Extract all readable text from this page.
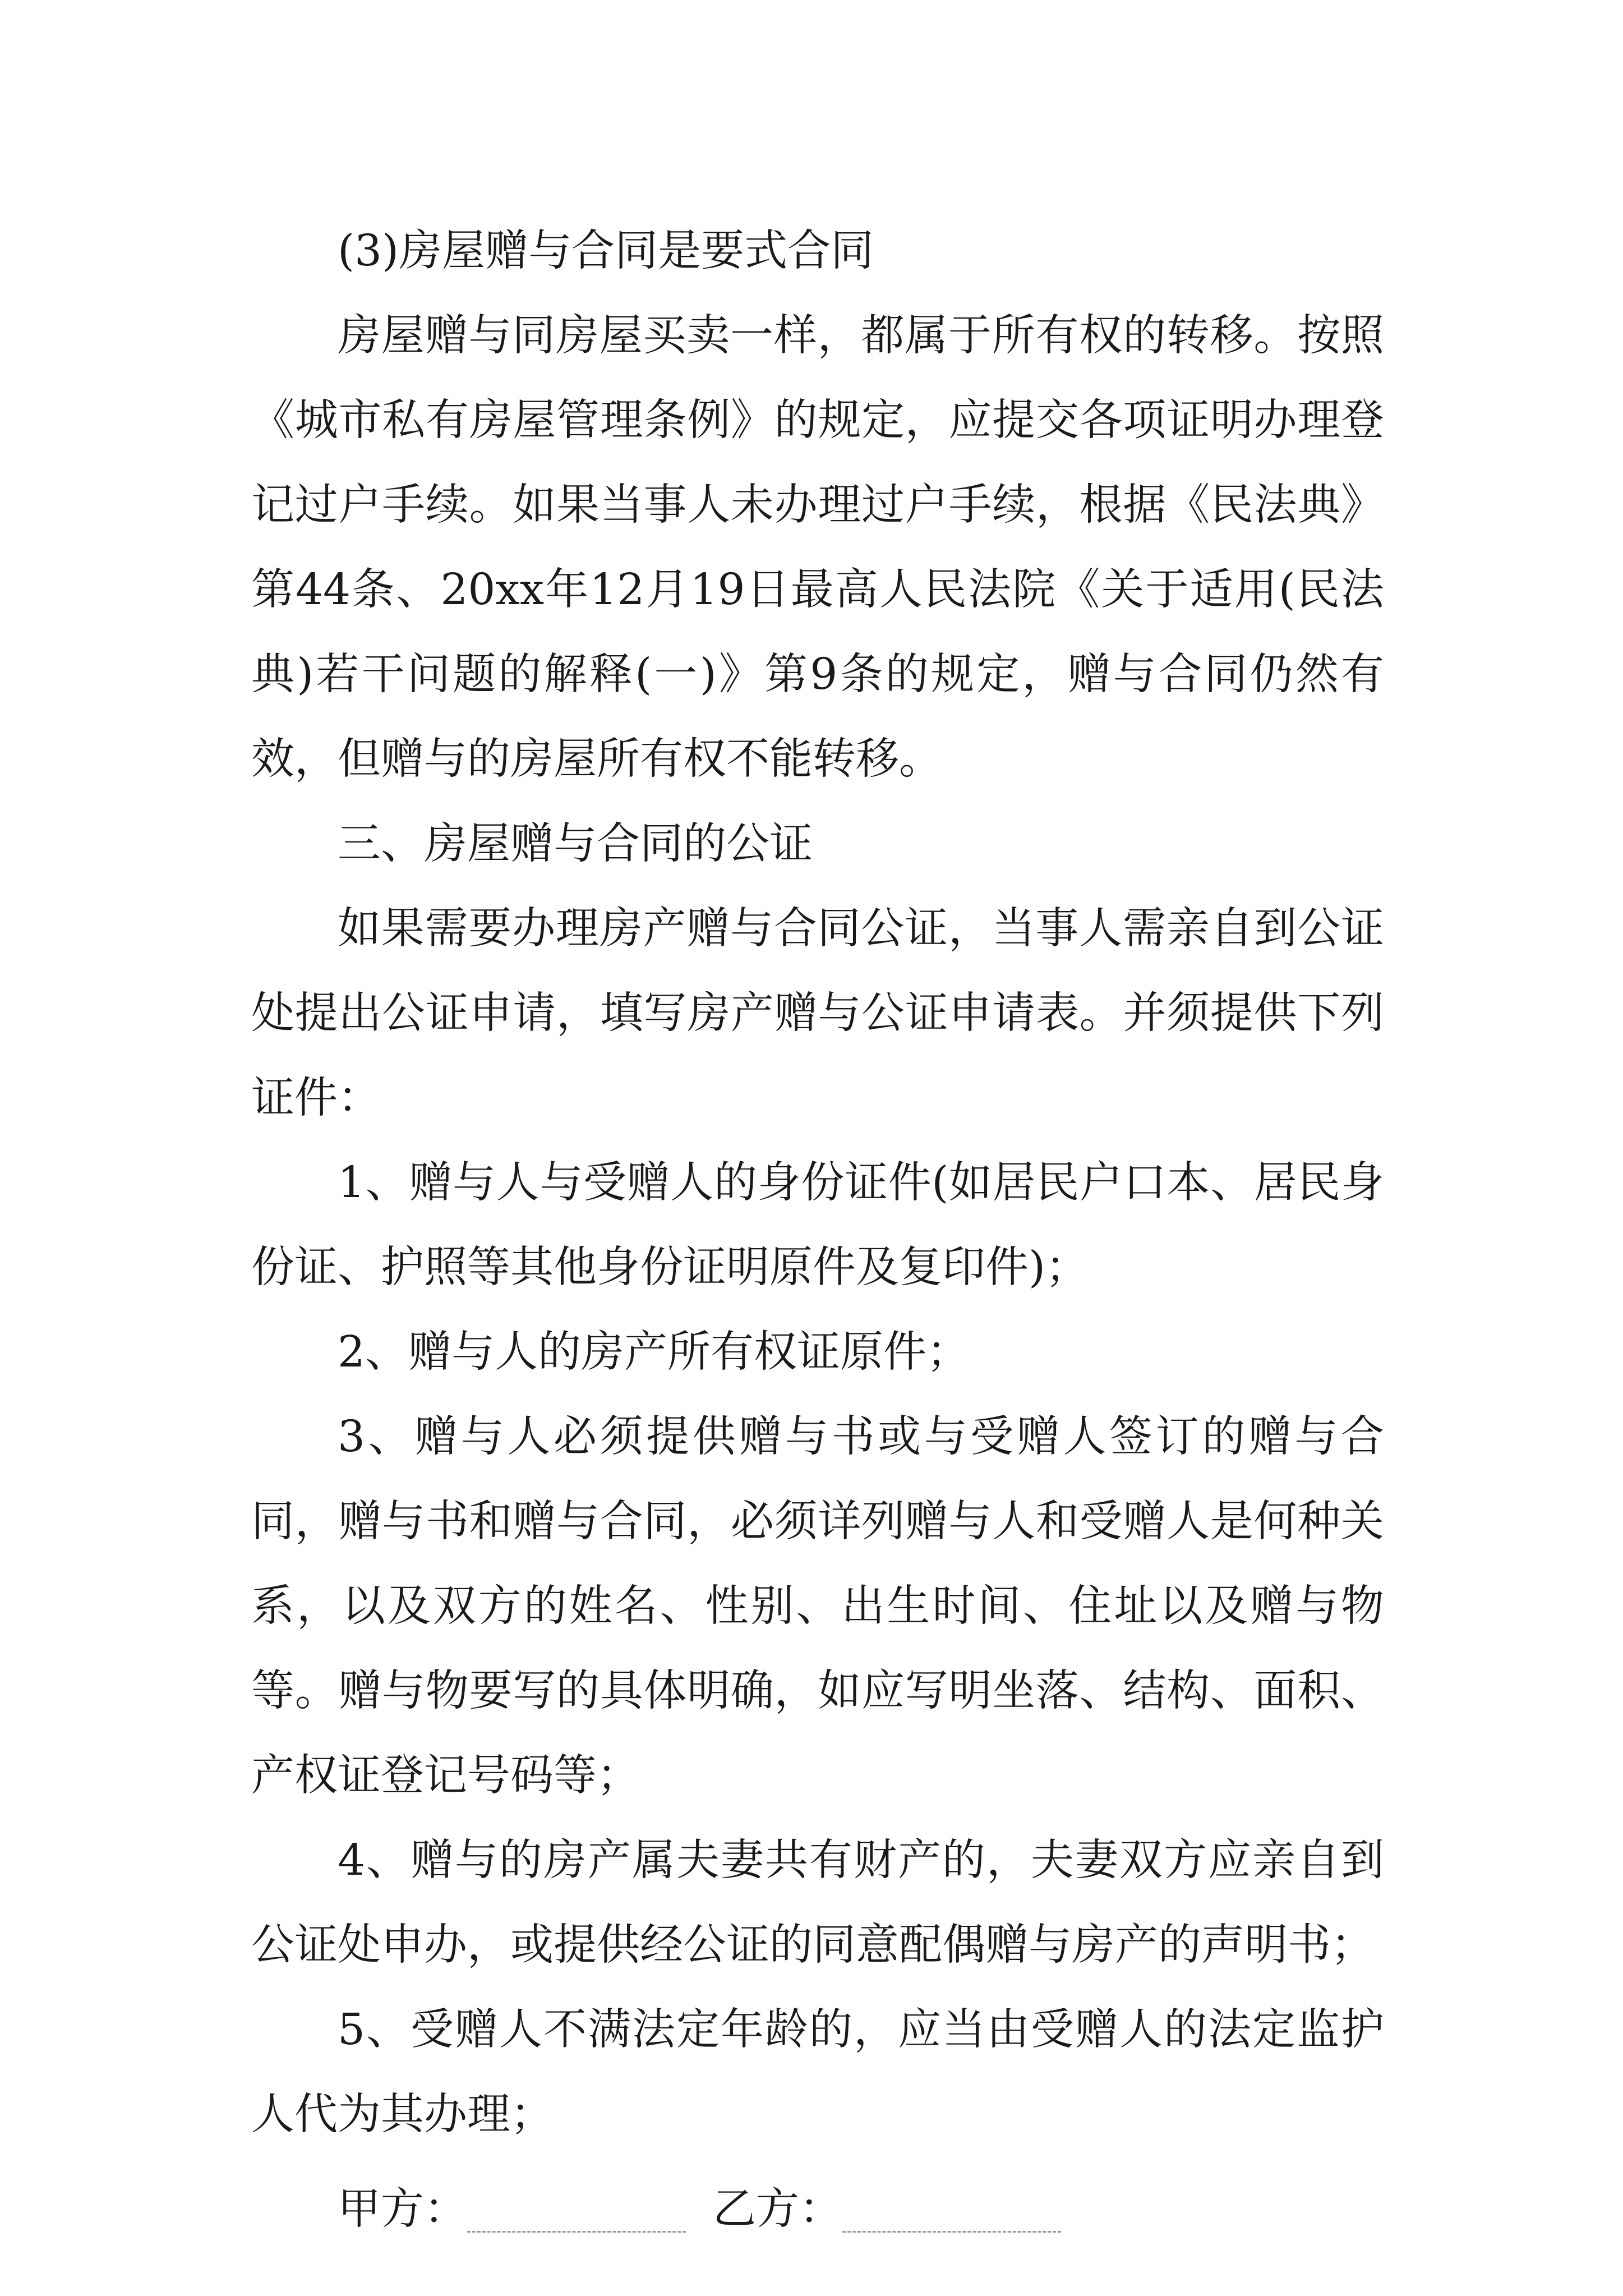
(3)房屋赠与合同是要式合同

房屋赠与同房屋买卖一样，都属于所有权的转移。按照《城市私有房屋管理条例》的规定，应提交各项证明办理登记过户手续。如果当事人未办理过户手续，根据《民法典》第44条、20xx年12月19日最高人民法院《关于适用(民法典)若干问题的解释(一)》第9条的规定，赠与合同仍然有效，但赠与的房屋所有权不能转移。

三、房屋赠与合同的公证

如果需要办理房产赠与合同公证，当事人需亲自到公证处提出公证申请，填写房产赠与公证申请表。并须提供下列证件：

1、赠与人与受赠人的身份证件(如居民户口本、居民身份证、护照等其他身份证明原件及复印件)；

2、赠与人的房产所有权证原件；

3、赠与人必须提供赠与书或与受赠人签订的赠与合同，赠与书和赠与合同，必须详列赠与人和受赠人是何种关系，以及双方的姓名、性别、出生时间、住址以及赠与物等。赠与物要写的具体明确，如应写明坐落、结构、面积、产权证登记号码等；

4、赠与的房产属夫妻共有财产的，夫妻双方应亲自到公证处申办，或提供经公证的同意配偶赠与房产的声明书；

5、受赠人不满法定年龄的，应当由受赠人的法定监护人代为其办理；

甲方：	乙方：
